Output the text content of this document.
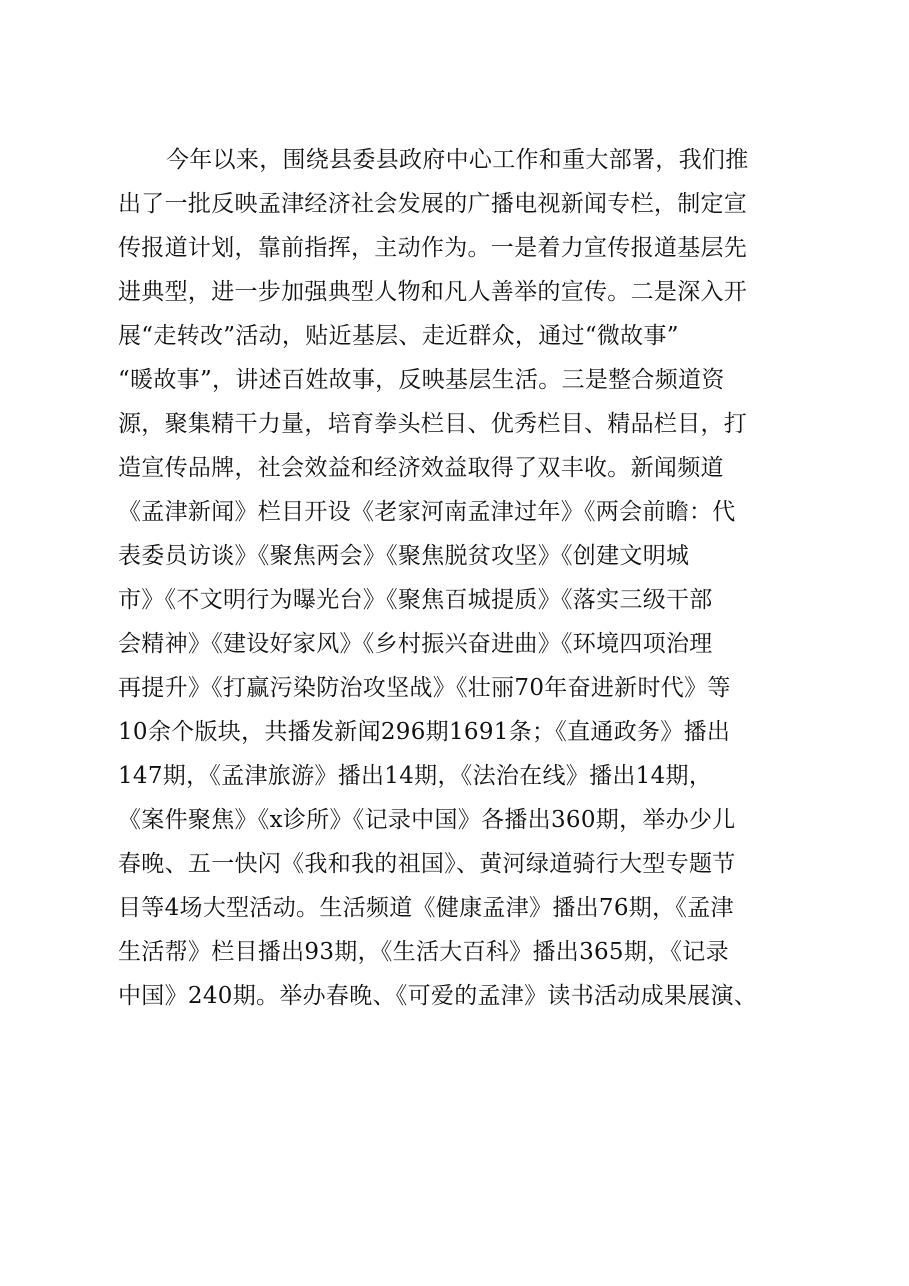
今年以来，围绕县委县政府中心工作和重大部署，我们推
出了一批反映孟津经济社会发展的广播电视新闻专栏，制定宣
传报道计划，靠前指挥，主动作为。一是着力宣传报道基层先
进典型，进一步加强典型人物和凡人善举的宣传。二是深入开
展“走转改”活动，贴近基层、走近群众，通过“微故事”
“暖故事”，讲述百姓故事，反映基层生活。三是整合频道资
源，聚集精干力量，培育拳头栏目、优秀栏目、精品栏目，打
造宣传品牌，社会效益和经济效益取得了双丰收。新闻频道
《孟津新闻》栏目开设《老家河南孟津过年》《两会前瞻：代
表委员访谈》《聚焦两会》《聚焦脱贫攻坚》《创建文明城
市》《不文明行为曝光台》《聚焦百城提质》《落实三级干部
会精神》《建设好家风》《乡村振兴奋进曲》《环境四项治理
再提升》《打赢污染防治攻坚战》《壮丽70年奋进新时代》等
10余个版块，共播发新闻296期1691条；《直通政务》播出
147期，《孟津旅游》播出14期，《法治在线》播出14期，
《案件聚焦》《x诊所》《记录中国》各播出360期，举办少儿
春晚、五一快闪《我和我的祖国》、黄河绿道骑行大型专题节
目等4场大型活动。生活频道《健康孟津》播出76期，《孟津
生活帮》栏目播出93期，《生活大百科》播出365期，《记录
中国》240期。举办春晚、《可爱的孟津》读书活动成果展演、
